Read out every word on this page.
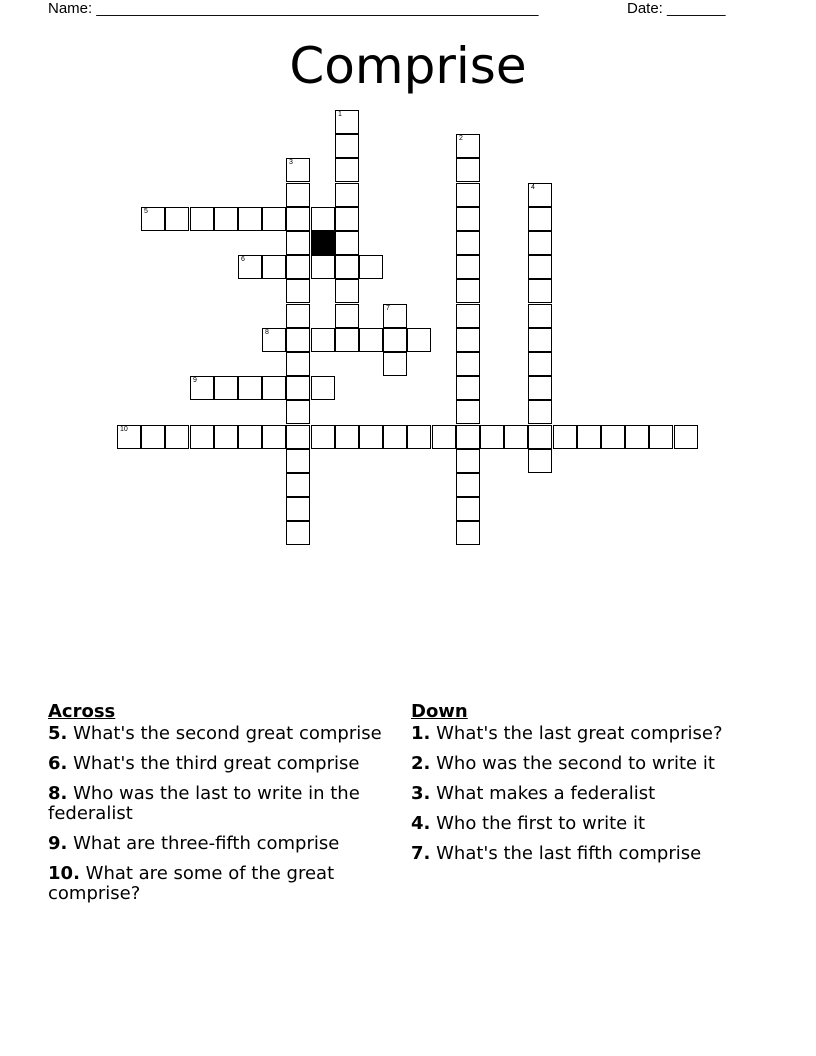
Name: _____________________________________________________	Date: _______
Comprise
1
2
3
4
5
6
7
8
9
10
Across
5. What's the second great comprise
6. What's the third great comprise
8. Who was the last to write in the federalist
9. What are three-fifth comprise
10. What are some of the great comprise?
Down
1. What's the last great comprise?
2. Who was the second to write it
3. What makes a federalist
4. Who the first to write it
7. What's the last fifth comprise
